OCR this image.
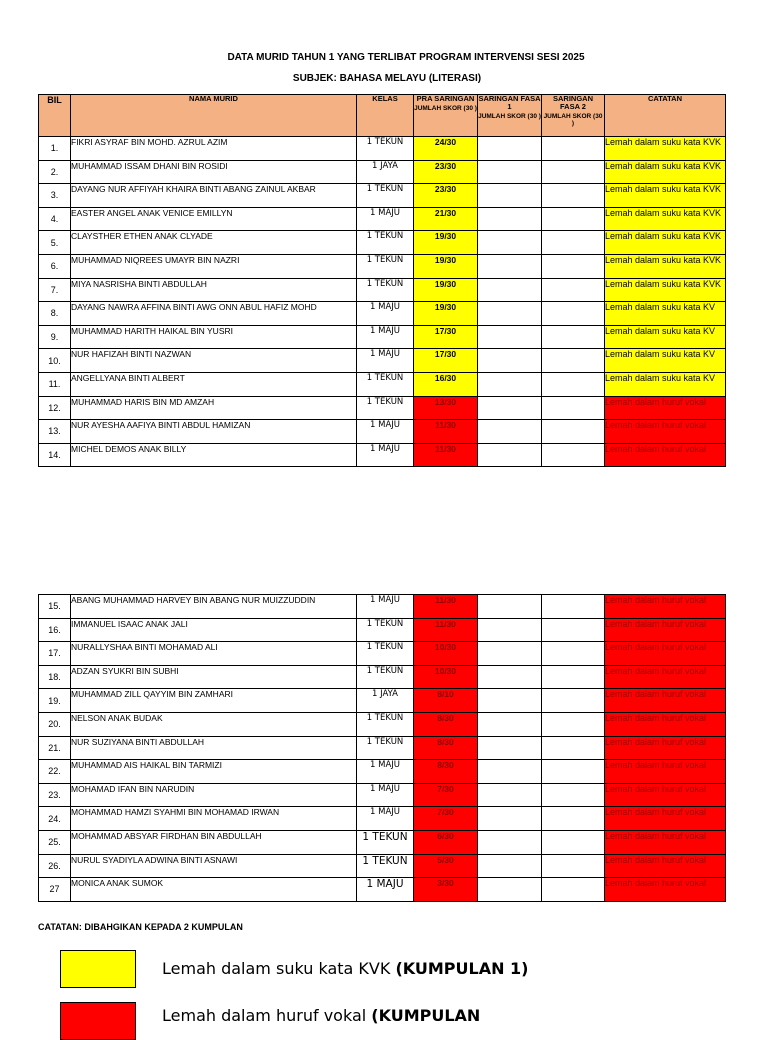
DATA MURID TAHUN 1 YANG TERLIBAT PROGRAM INTERVENSI SESI 2025
SUBJEK: BAHASA MELAYU (LITERASI)
BIL	NAMA MURID	KELAS	PRA SARINGAN
JUMLAH SKOR (30 )	SARINGAN FASA 1
JUMLAH SKOR (30 )	SARINGAN FASA 2
JUMLAH SKOR (30 )	CATATAN
1.	FIKRI ASYRAF BIN MOHD. AZRUL AZIM	1 TEKUN	24/30			Lemah dalam suku kata KVK
2.	MUHAMMAD ISSAM DHANI BIN ROSIDI	1 JAYA	23/30			Lemah dalam suku kata KVK
3.	DAYANG NUR AFFIYAH KHAIRA BINTI ABANG ZAINUL AKBAR	1 TEKUN	23/30			Lemah dalam suku kata KVK
4.	EASTER ANGEL ANAK VENICE EMILLYN	1 MAJU	21/30			Lemah dalam suku kata KVK
5.	CLAYSTHER ETHEN ANAK CLYADE	1 TEKUN	19/30			Lemah dalam suku kata KVK
6.	MUHAMMAD NIQREES UMAYR BIN NAZRI	1 TEKUN	19/30			Lemah dalam suku kata KVK
7.	MIYA NASRISHA BINTI ABDULLAH	1 TEKUN	19/30			Lemah dalam suku kata KVK
8.	DAYANG NAWRA AFFINA BINTI AWG ONN ABUL HAFIZ MOHD	1 MAJU	19/30			Lemah dalam suku kata KV
9.	MUHAMMAD HARITH HAIKAL BIN YUSRI	1 MAJU	17/30			Lemah dalam suku kata KV
10.	NUR HAFIZAH BINTI NAZWAN	1 MAJU	17/30			Lemah dalam suku kata KV
11.	ANGELLYANA BINTI ALBERT	1 TEKUN	16/30			Lemah dalam suku kata KV
12.	MUHAMMAD HARIS BIN MD AMZAH	1 TEKUN	13/30			Lemah dalam huruf vokal
13.	NUR AYESHA AAFIYA BINTI ABDUL HAMIZAN	1 MAJU	11/30			Lemah dalam huruf vokal
14.	MICHEL DEMOS ANAK BILLY	1 MAJU	11/30			Lemah dalam huruf vokal
15.	ABANG MUHAMMAD HARVEY BIN ABANG NUR MUIZZUDDIN	1 MAJU	11/30			Lemah dalam huruf vokal
16.	IMMANUEL ISAAC ANAK JALI	1 TEKUN	11/30			Lemah dalam huruf vokal
17.	NURALLYSHAA BINTI MOHAMAD ALI	1 TEKUN	10/30			Lemah dalam huruf vokal
18.	ADZAN SYUKRI BIN SUBHI	1 TEKUN	10/30			Lemah dalam huruf vokal
19.	MUHAMMAD ZILL QAYYIM BIN ZAMHARI	1 JAYA	8/10			Lemah dalam huruf vokal
20.	NELSON ANAK BUDAK	1 TEKUN	8/30			Lemah dalam huruf vokal
21.	NUR SUZIYANA BINTI ABDULLAH	1 TEKUN	8/30			Lemah dalam huruf vokal
22.	MUHAMMAD AIS HAIKAL BIN TARMIZI	1 MAJU	8/30			Lemah dalam huruf vokal
23.	MOHAMAD IFAN BIN NARUDIN	1 MAJU	7/30			Lemah dalam huruf vokal
24.	MOHAMMAD HAMZI SYAHMI BIN MOHAMAD IRWAN	1 MAJU	7/30			Lemah dalam huruf vokal
25.	MOHAMMAD ABSYAR FIRDHAN BIN ABDULLAH	1 TEKUN	6/30			Lemah dalam huruf vokal
26.	NURUL SYADIYLA ADWINA BINTI ASNAWI	1 TEKUN	5/30			Lemah dalam huruf vokal
27	MONICA ANAK SUMOK	1 MAJU	3/30			Lemah dalam huruf vokal
CATATAN: DIBAHGIKAN KEPADA 2 KUMPULAN
Lemah dalam suku kata KVK (KUMPULAN 1)
Lemah dalam huruf vokal (KUMPULAN
